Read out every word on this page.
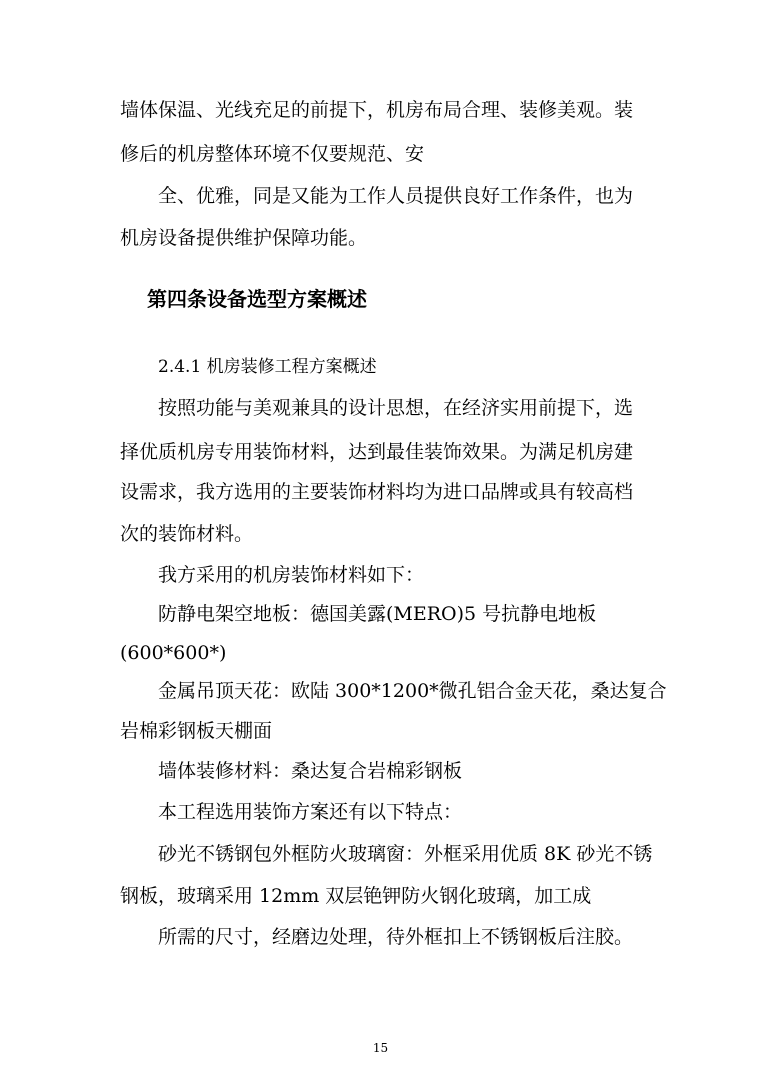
墙体保温、光线充足的前提下，机房布局合理、装修美观。装
修后的机房整体环境不仅要规范、安
全、优雅，同是又能为工作人员提供良好工作条件，也为
机房设备提供维护保障功能。
第四条设备选型方案概述
2.4.1 机房装修工程方案概述
按照功能与美观兼具的设计思想，在经济实用前提下，选
择优质机房专用装饰材料，达到最佳装饰效果。为满足机房建
设需求，我方选用的主要装饰材料均为进口品牌或具有较高档
次的装饰材料。
我方采用的机房装饰材料如下：
防静电架空地板：德国美露(MERO)5 号抗静电地板
(600*600*)
金属吊顶天花：欧陆 300*1200*微孔铝合金天花，桑达复合
岩棉彩钢板天棚面
墙体装修材料：桑达复合岩棉彩钢板
本工程选用装饰方案还有以下特点：
砂光不锈钢包外框防火玻璃窗：外框采用优质 8K 砂光不锈
钢板，玻璃采用 12mm 双层铯钾防火钢化玻璃，加工成
所需的尺寸，经磨边处理，待外框扣上不锈钢板后注胶。
15
